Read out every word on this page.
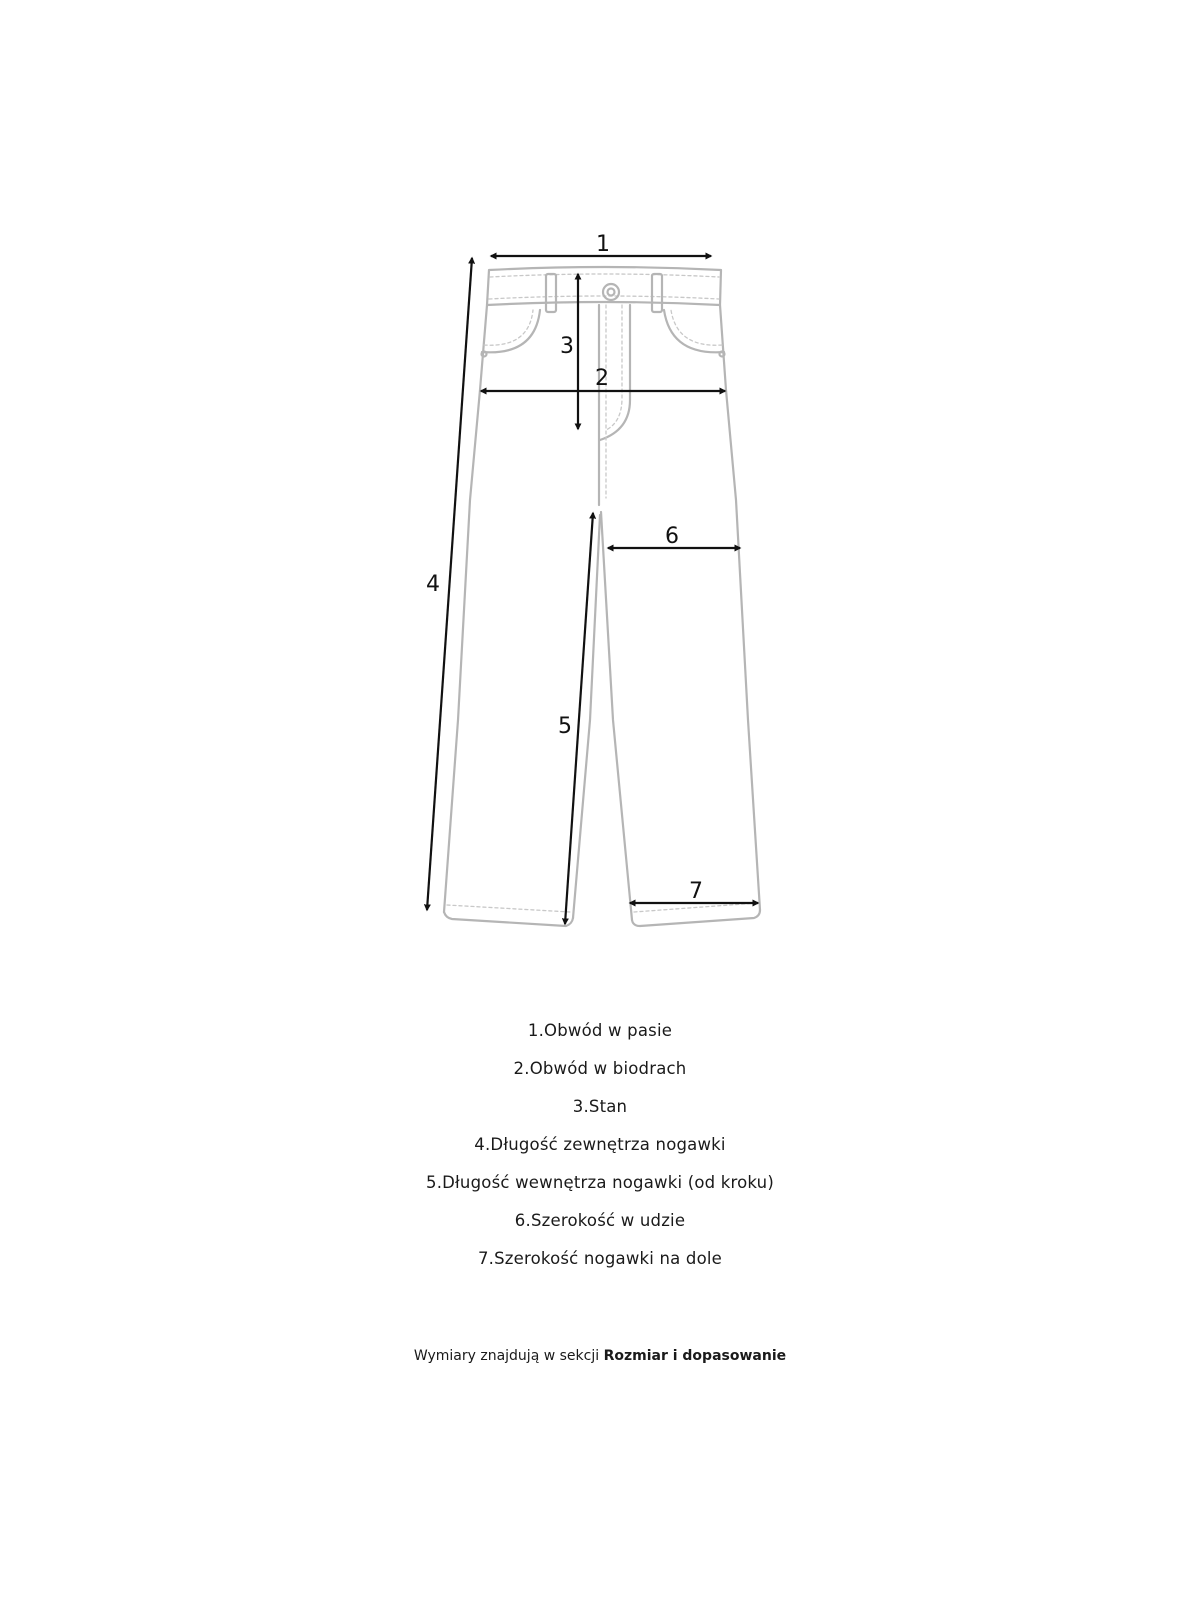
1
2
3
4
5
6
7
1.Obwód w pasie
2.Obwód w biodrach
3.Stan
4.Długość zewnętrza nogawki
5.Długość wewnętrza nogawki (od kroku)
6.Szerokość w udzie
7.Szerokość nogawki na dole
Wymiary znajdują w sekcji Rozmiar i dopasowanie
